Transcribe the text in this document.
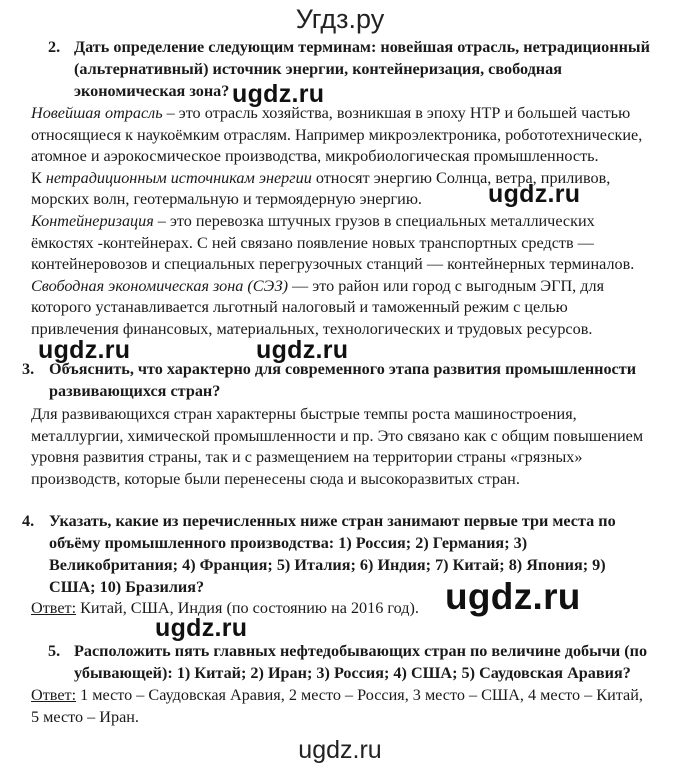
Угдз.ру
2. Дать определение следующим терминам: новейшая отрасль, нетрадиционный
(альтернативный) источник энергии, контейнеризация, свободная
экономическая зона? ugdz.ru
Новейшая отрасль – это отрасль хозяйства, возникшая в эпоху НТР и большей частью
относящиеся к наукоёмким отраслям. Например микроэлектроника, робототехнические,
атомное и аэрокосмическое производства, микробиологическая промышленность.
К нетрадиционным источникам энергии относят энергию Солнца, ветра, приливов,
морских волн, геотермальную и термоядерную энергию.
Контейнеризация – это перевозка штучных грузов в специальных металлических
ёмкостях -контейнерах. С ней связано появление новых транспортных средств —
контейнеровозов и специальных перегрузочных станций — контейнерных терминалов.
Свободная экономическая зона (СЭЗ) — это район или город с выгодным ЭГП, для
которого устанавливается льготный налоговый и таможенный режим с целью
привлечения финансовых, материальных, технологических и трудовых ресурсов.
ugdz.ru
ugdz.ru	ugdz.ru
3. Объяснить, что характерно для современного этапа развития промышленности
развивающихся стран?
Для развивающихся стран характерны быстрые темпы роста машиностроения,
металлургии, химической промышленности и пр. Это связано как с общим повышением
уровня развития страны, так и с размещением на территории страны «грязных»
производств, которые были перенесены сюда и высокоразвитых стран.
4. Указать, какие из перечисленных ниже стран занимают первые три места по
объёму промышленного производства: 1) Россия; 2) Германия; 3)
Великобритания; 4) Франция; 5) Италия; 6) Индия; 7) Китай; 8) Япония; 9)
США; 10) Бразилия?
Ответ: Китай, США, Индия (по состоянию на 2016 год). ugdz.ru
ugdz.ru
5. Расположить пять главных нефтедобывающих стран по величине добычи (по
убывающей): 1) Китай; 2) Иран; 3) Россия; 4) США; 5) Саудовская Аравия?
Ответ: 1 место – Саудовская Аравия, 2 место – Россия, 3 место – США, 4 место – Китай,
5 место – Иран.
ugdz.ru
